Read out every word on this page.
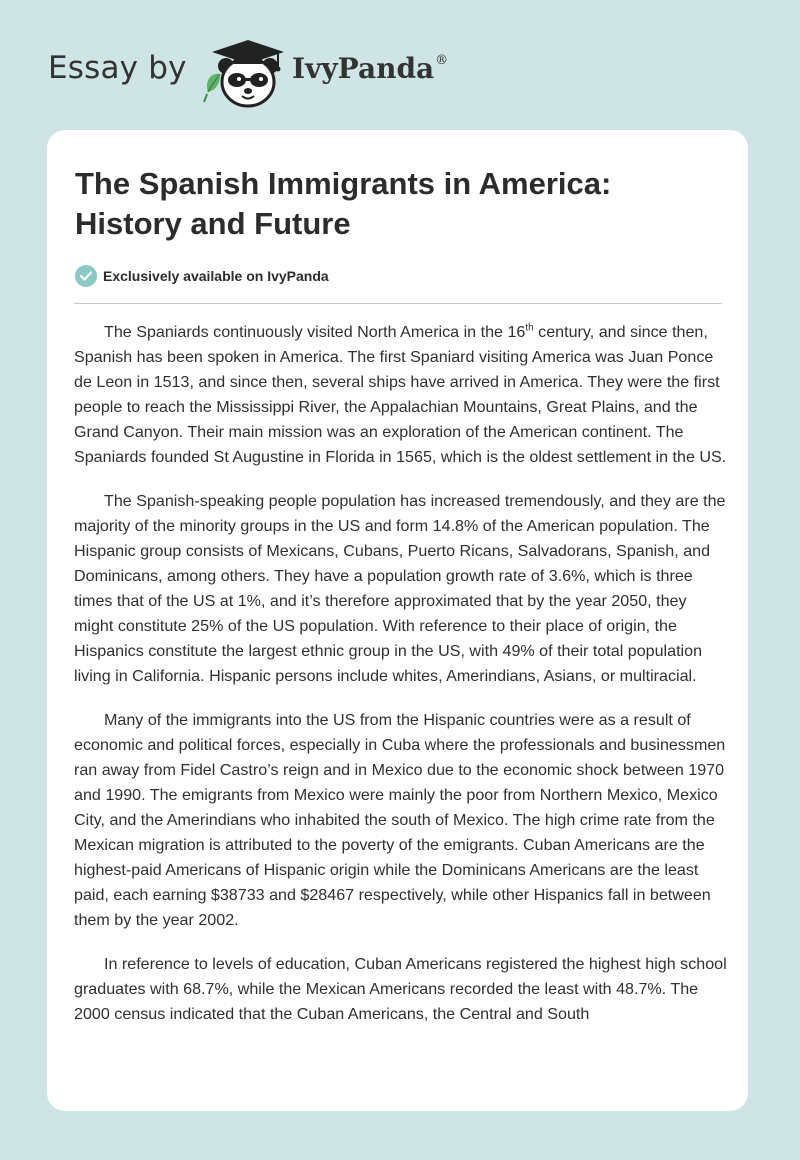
Essay by	IvyPanda®
The Spanish Immigrants in America: History and Future
Exclusively available on IvyPanda

The Spaniards continuously visited North America in the 16th century, and since then, Spanish has been spoken in America. The first Spaniard visiting America was Juan Ponce de Leon in 1513, and since then, several ships have arrived in America. They were the first people to reach the Mississippi River, the Appalachian Mountains, Great Plains, and the Grand Canyon. Their main mission was an exploration of the American continent. The Spaniards founded St Augustine in Florida in 1565, which is the oldest settlement in the US.

The Spanish-speaking people population has increased tremendously, and they are the majority of the minority groups in the US and form 14.8% of the American population. The Hispanic group consists of Mexicans, Cubans, Puerto Ricans, Salvadorans, Spanish, and Dominicans, among others. They have a population growth rate of 3.6%, which is three times that of the US at 1%, and it’s therefore approximated that by the year 2050, they might constitute 25% of the US population. With reference to their place of origin, the Hispanics constitute the largest ethnic group in the US, with 49% of their total population living in California. Hispanic persons include whites, Amerindians, Asians, or multiracial.

Many of the immigrants into the US from the Hispanic countries were as a result of economic and political forces, especially in Cuba where the professionals and businessmen ran away from Fidel Castro’s reign and in Mexico due to the economic shock between 1970 and 1990. The emigrants from Mexico were mainly the poor from Northern Mexico, Mexico City, and the Amerindians who inhabited the south of Mexico. The high crime rate from the Mexican migration is attributed to the poverty of the emigrants. Cuban Americans are the highest-paid Americans of Hispanic origin while the Dominicans Americans are the least paid, each earning $38733 and $28467 respectively, while other Hispanics fall in between them by the year 2002.

In reference to levels of education, Cuban Americans registered the highest high school graduates with 68.7%, while the Mexican Americans recorded the least with 48.7%. The 2000 census indicated that the Cuban Americans, the Central and South
